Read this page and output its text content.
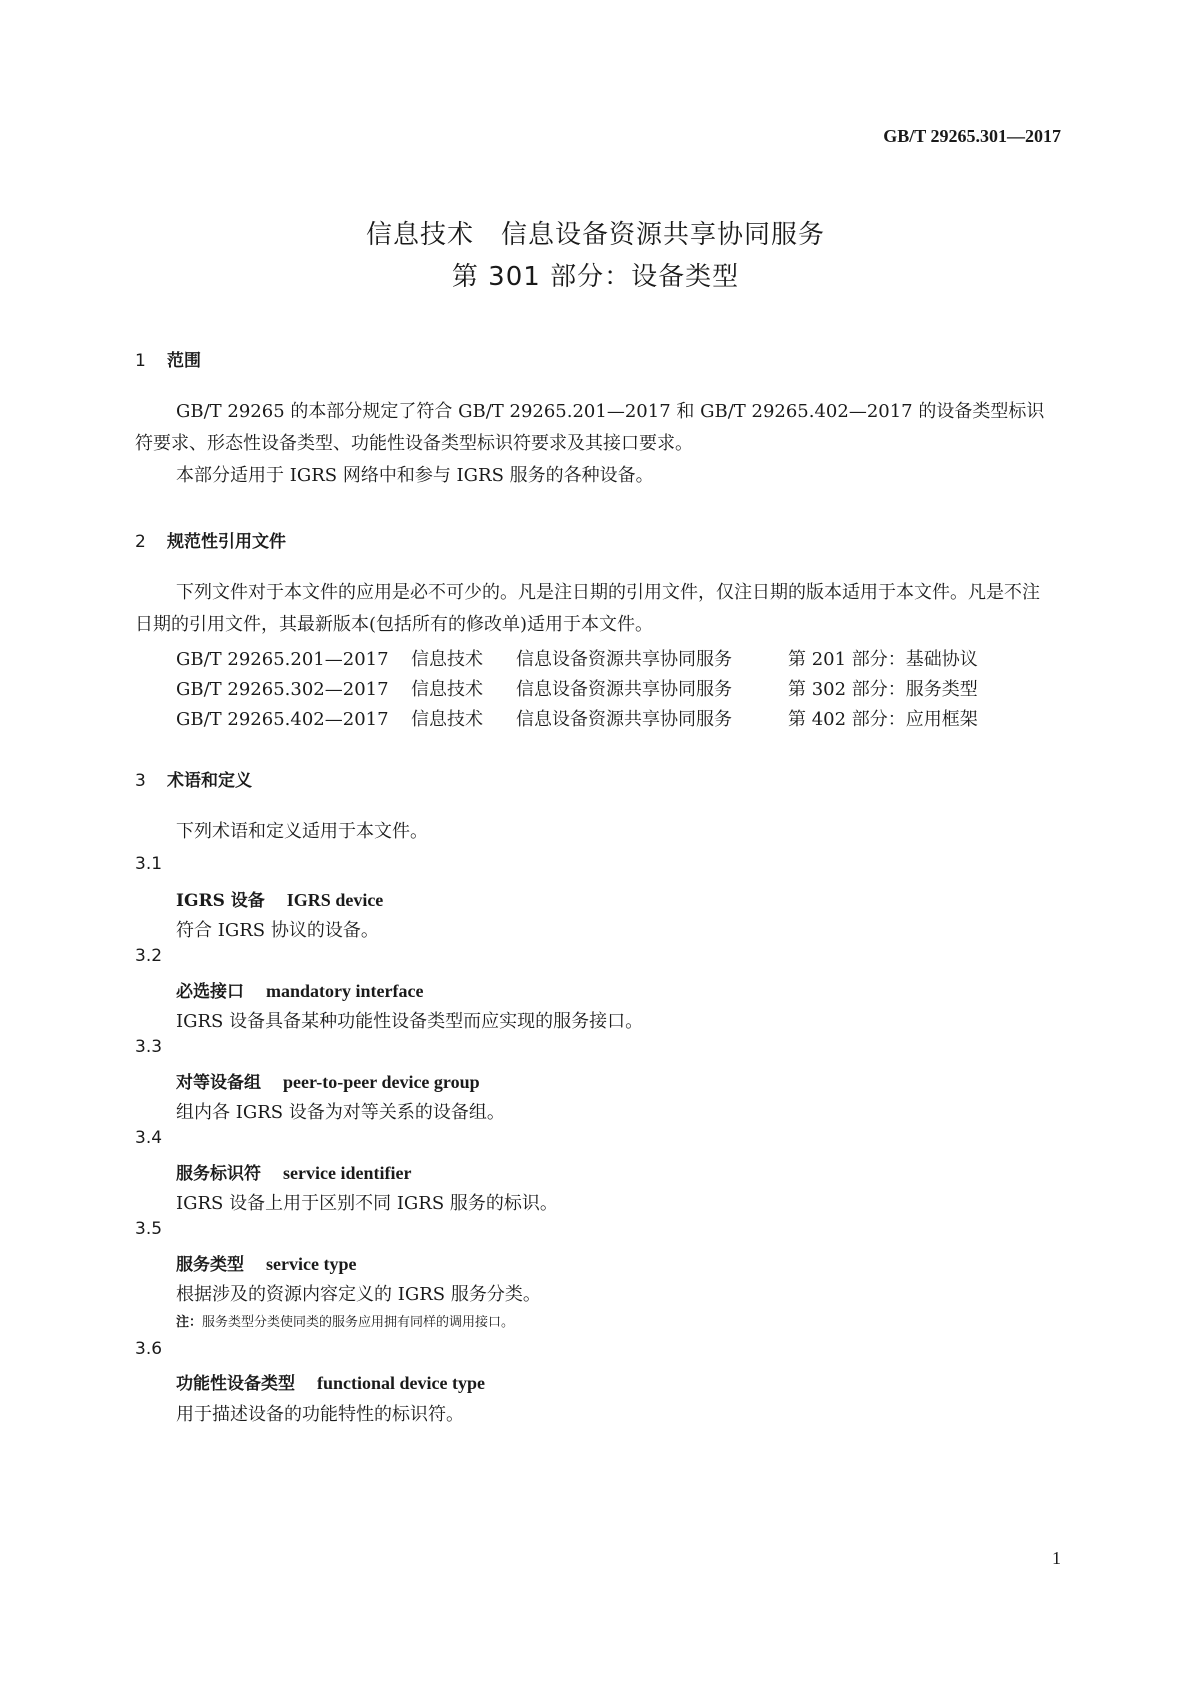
GB/T 29265.301—2017
信息技术　信息设备资源共享协同服务
第 301 部分：设备类型
1 范围
GB/T 29265 的本部分规定了符合 GB/T 29265.201—2017 和 GB/T 29265.402—2017 的设备类型标识符要求、形态性设备类型、功能性设备类型标识符要求及其接口要求。
本部分适用于 IGRS 网络中和参与 IGRS 服务的各种设备。
2 规范性引用文件
下列文件对于本文件的应用是必不可少的。凡是注日期的引用文件，仅注日期的版本适用于本文件。凡是不注日期的引用文件，其最新版本(包括所有的修改单)适用于本文件。
GB/T 29265.201—2017 信息技术 信息设备资源共享协同服务	第 201 部分：基础协议
GB/T 29265.302—2017 信息技术 信息设备资源共享协同服务	第 302 部分：服务类型
GB/T 29265.402—2017 信息技术 信息设备资源共享协同服务	第 402 部分：应用框架
3 术语和定义
下列术语和定义适用于本文件。
3.1
IGRS 设备 IGRS device
符合 IGRS 协议的设备。
3.2
必选接口 mandatory interface
IGRS 设备具备某种功能性设备类型而应实现的服务接口。
3.3
对等设备组 peer-to-peer device group
组内各 IGRS 设备为对等关系的设备组。
3.4
服务标识符 service identifier
IGRS 设备上用于区别不同 IGRS 服务的标识。
3.5
服务类型 service type
根据涉及的资源内容定义的 IGRS 服务分类。
注：服务类型分类使同类的服务应用拥有同样的调用接口。
3.6
功能性设备类型 functional device type
用于描述设备的功能特性的标识符。
1
